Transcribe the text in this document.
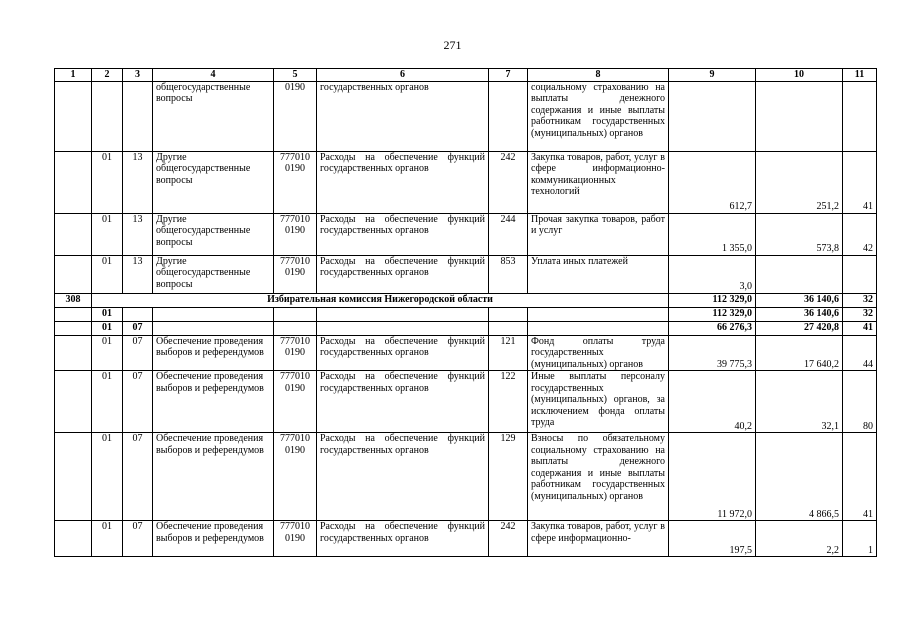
271
1	2	3	4	5	6	7	8	9	10	11
			общегосударственные вопросы	0190	государственных органов		социальному страхованию на выплаты денежного содержания и иные выплаты работникам государственных (муниципальных) органов			
	01	13	Другие общегосударственные вопросы	777010 0190	Расходы на обеспечение функций государственных органов	242	Закупка товаров, работ, услуг в сфере информационно-коммуникационных технологий	612,7	251,2	41
	01	13	Другие общегосударственные вопросы	777010 0190	Расходы на обеспечение функций государственных органов	244	Прочая закупка товаров, работ и услуг	1 355,0	573,8	42
	01	13	Другие общегосударственные вопросы	777010 0190	Расходы на обеспечение функций государственных органов	853	Уплата иных платежей	3,0		
308	Избирательная комиссия Нижегородской области							112 329,0	36 140,6	32
	01							112 329,0	36 140,6	32
	01	07						66 276,3	27 420,8	41
	01	07	Обеспечение проведения выборов и референдумов	777010 0190	Расходы на обеспечение функций государственных органов	121	Фонд оплаты труда государственных (муниципальных) органов	39 775,3	17 640,2	44
	01	07	Обеспечение проведения выборов и референдумов	777010 0190	Расходы на обеспечение функций государственных органов	122	Иные выплаты персоналу государственных (муниципальных) органов, за исключением фонда оплаты труда	40,2	32,1	80
	01	07	Обеспечение проведения выборов и референдумов	777010 0190	Расходы на обеспечение функций государственных органов	129	Взносы по обязательному социальному страхованию на выплаты денежного содержания и иные выплаты работникам государственных (муниципальных) органов	11 972,0	4 866,5	41
	01	07	Обеспечение проведения выборов и референдумов	777010 0190	Расходы на обеспечение функций государственных органов	242	Закупка товаров, работ, услуг в сфере информационно-	197,5	2,2	1
